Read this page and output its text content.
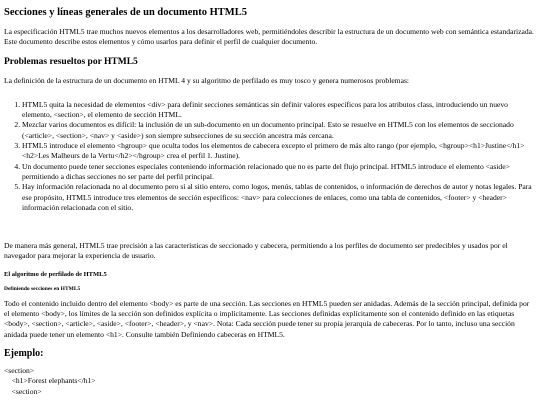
Secciones y líneas generales de un documento HTML5

La especificación HTML5 trae muchos nuevos elementos a los desarrolladores web, permitiéndoles describir la estructura de un documento web con semántica estandarizada. Este documento describe estos elementos y cómo usarlos para definir el perfil de cualquier documento.

Problemas resueltos por HTML5

La definición de la estructura de un documento en HTML 4 y su algoritmo de perfilado es muy tosco y genera numerosos problemas:

1. HTML5 quita la necesidad de elementos <div> para definir secciones semánticas sin definir valores específicos para los atributos class, introduciendo un nuevo elemento, <section>, el elemento de sección HTML.
2. Mezclar varios documentos es difícil: la inclusión de un sub-documento en un documento principal. Esto se resuelve en HTML5 con los elementos de seccionado (<article>, <section>, <nav> y <aside>) son siempre subsecciones de su sección ancestra más cercana.
3. HTML5 introduce el elemento <hgroup> que oculta todos los elementos de cabecera excepto el primero de más alto rango (por ejemplo, <hgroup><h1>Justine</h1><h2>Les Malheurs de la Vertu</h2></hgroup> crea el perfil 1. Justine).
4. Un documento puede tener secciones especiales conteniendo información relacionado que no es parte del flujo principal. HTML5 introduce el elemento <aside> permitiendo a dichas secciones no ser parte del perfil principal.
5. Hay información relacionada no al documento pero sí al sitio entero, como logos, menús, tablas de contenidos, o información de derechos de autor y notas legales. Para ese propósito, HTML5 introduce tres elementos de sección específicos: <nav> para colecciones de enlaces, como una tabla de contenidos, <footer> y <header> información relacionada con el sitio.

De manera más general, HTML5 trae precisión a las características de seccionado y cabecera, permitiendo a los perfiles de documento ser predecibles y usados por el navegador para mejorar la experiencia de usuario.

El algoritmo de perfilado de HTML5
Definiendo secciones en HTML5

Todo el contenido incluido dentro del elemento <body> es parte de una sección. Las secciones en HTML5 pueden ser anidadas. Además de la sección principal, definida por el elemento <body>, los límites de la sección son definidos explícita o implícitamente. Las secciones definidas explícitamente son el contenido definido en las etiquetas <body>, <section>, <article>, <aside>, <footer>, <header>, y <nav>. Nota: Cada sección puede tener su propia jerarquía de cabeceras. Por lo tanto, incluso una sección anidada puede tener un elemento <h1>. Consulte también Definiendo cabeceras en HTML5.

Ejemplo:
<section>
<h1>Forest elephants</h1>
<section>
